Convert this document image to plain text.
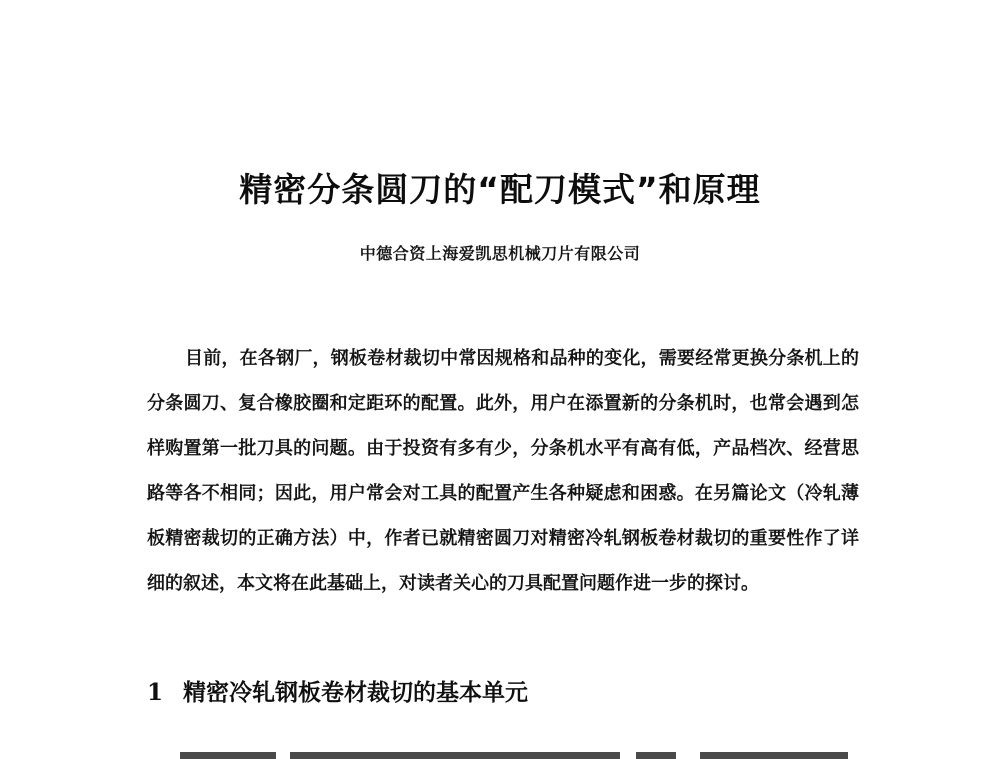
精密分条圆刀的“配刀模式”和原理
中德合资上海爱凯思机械刀片有限公司

目前，在各钢厂，钢板卷材裁切中常因规格和品种的变化，需要经常更换分条机上的分条圆刀、复合橡胶圈和定距环的配置。此外，用户在添置新的分条机时，也常会遇到怎样购置第一批刀具的问题。由于投资有多有少，分条机水平有高有低，产品档次、经营思路等各不相同；因此，用户常会对工具的配置产生各种疑虑和困惑。在另篇论文（冷轧薄板精密裁切的正确方法）中，作者已就精密圆刀对精密冷轧钢板卷材裁切的重要性作了详细的叙述，本文将在此基础上，对读者关心的刀具配置问题作进一步的探讨。

1 精密冷轧钢板卷材裁切的基本单元
